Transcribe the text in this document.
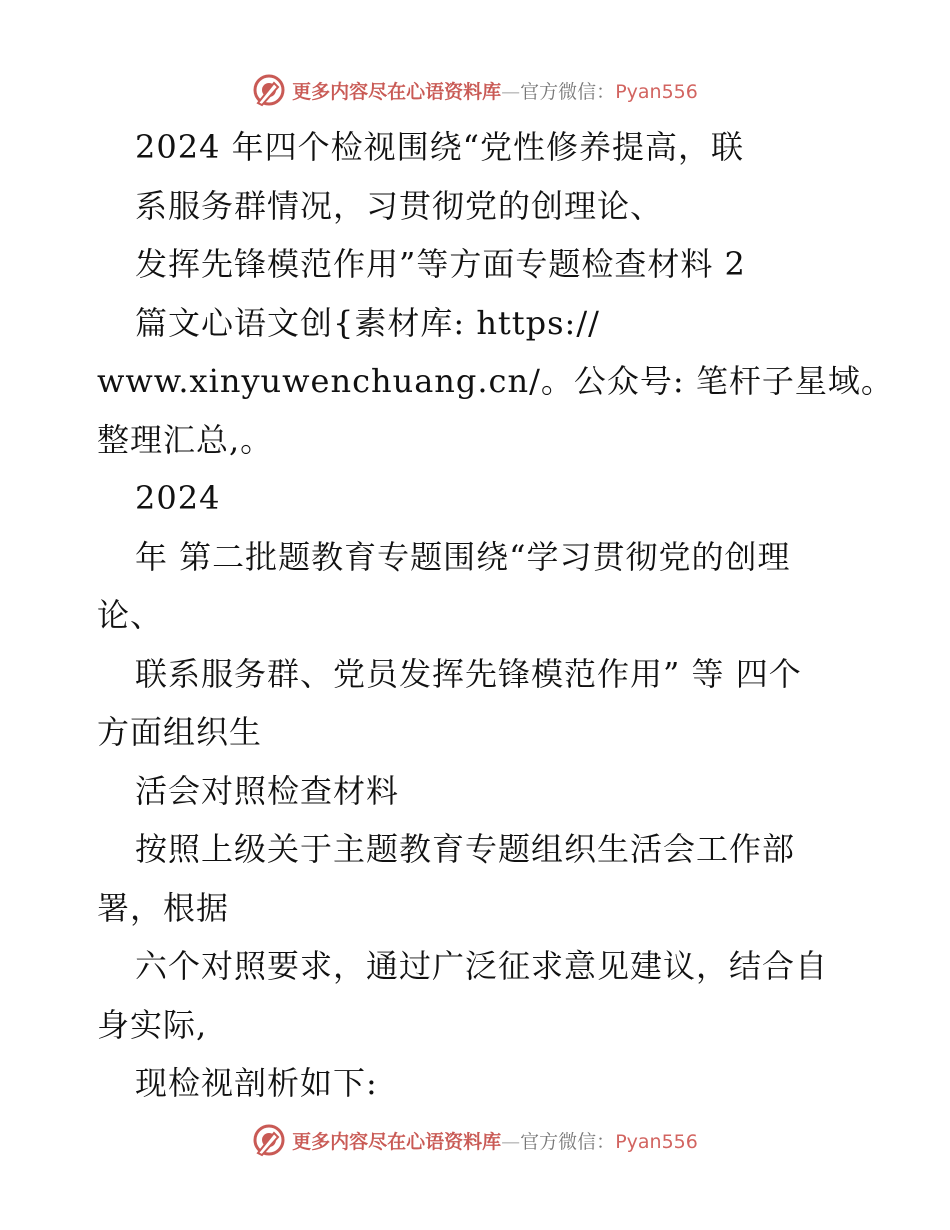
更多内容尽在心语资料库—官方微信：Pyan556
2024 年四个检视围绕“党性修养提高，联
系服务群情况，习贯彻党的创理论、
发挥先锋模范作用”等方面专题检查材料 2
篇文心语文创{素材库: https://
www.xinyuwenchuang.cn/。公众号: 笔杆子星域。
整理汇总,。
2024
年 第二批题教育专题围绕“学习贯彻党的创理
论、
联系服务群、党员发挥先锋模范作用” 等 四个
方面组织生
活会对照检查材料
按照上级关于主题教育专题组织生活会工作部
署，根据
六个对照要求，通过广泛征求意见建议，结合自
身实际,
现检视剖析如下:
更多内容尽在心语资料库—官方微信：Pyan556
